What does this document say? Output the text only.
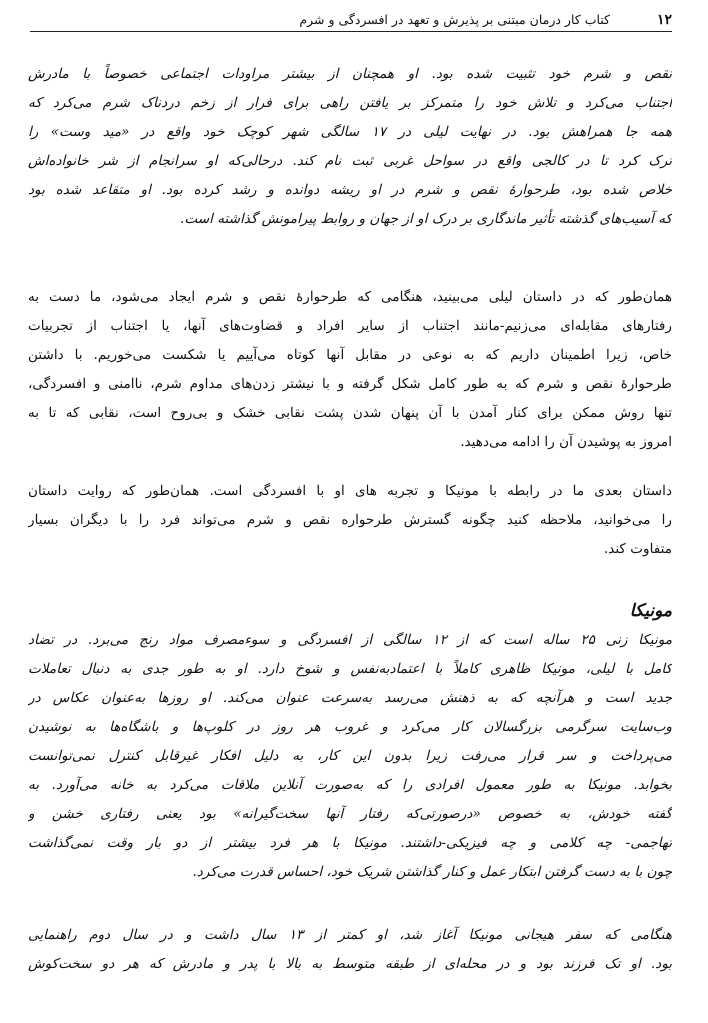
۱۲
کتاب کار درمان مبتنی بر پذیرش و تعهد در افسردگی و شرم
نقص و شرم خود تثبیت شده بود. او همچنان از بیشتر مراودات اجتماعی خصوصاً با مادرش
اجتناب می‌کرد و تلاش خود را متمرکز بر یافتن راهی برای فرار از زخم دردناک شرم می‌کرد که
همه جا همراهش بود. در نهایت لیلی در ۱۷ سالگی شهر کوچک خود واقع در «مید وست» را
ترک کرد تا در کالجی واقع در سواحل غربی ثبت نام کند. درحالی‌که او سرانجام از شر خانواده‌اش
خلاص شده بود، طرحوارهٔ نقص و شرم در او ریشه دوانده و رشد کرده بود. او متقاعد شده بود
که آسیب‌های گذشته تأثیر ماندگاری بر درک او از جهان و روابط پیرامونش گذاشته است.
همان‌طور که در داستان لیلی می‌بینید، هنگامی که طرحوارهٔ نقص و شرم ایجاد می‌شود، ما دست به
رفتارهای مقابله‌ای می‌زنیم-مانند اجتناب از سایر افراد و قضاوت‌های آنها، یا اجتناب از تجربیات
خاص، زیرا اطمینان داریم که به نوعی در مقابل آنها کوتاه می‌آییم یا شکست می‌خوریم. با داشتن
طرحوارهٔ نقص و شرم که به طور کامل شکل گرفته و با نیشتر زدن‌های مداوم شرم، ناامنی و افسردگی،
تنها روش ممکن برای کنار آمدن با آن پنهان شدن پشت نقابی خشک و بی‌روح است، نقابی که تا به
امروز به پوشیدن آن را ادامه می‌دهید.
داستان بعدی ما در رابطه با مونیکا و تجربه های او با افسردگی است. همان‌طور که روایت داستان
را می‌خوانید، ملاحظه کنید چگونه گسترش طرحواره نقص و شرم می‌تواند فرد را با دیگران بسیار
متفاوت کند.
مونیکا
مونیکا زنی ۲۵ ساله است که از ۱۲ سالگی از افسردگی و سوءمصرف مواد رنج می‌برد. در تضاد
کامل با لیلی، مونیکا ظاهری کاملاً با اعتمادبه‌نفس و شوخ دارد. او به طور جدی به دنبال تعاملات
جدید است و هرآنچه که به ذهنش می‌رسد به‌سرعت عنوان می‌کند. او روزها به‌عنوان عکاس در
وب‌سایت سرگرمی بزرگسالان کار می‌کرد و غروب هر روز در کلوپ‌ها و باشگاه‌ها به نوشیدن
می‌پرداخت و سر قرار می‌رفت زیرا بدون این کار، به دلیل افکار غیرقابل کنترل نمی‌توانست
بخوابد. مونیکا به طور معمول افرادی را که به‌صورت آنلاین ملاقات می‌کرد به خانه می‌آورد. به
گفته خودش، به خصوص «درصورتی‌که رفتار آنها سخت‌گیرانه» بود یعنی رفتاری خشن و
تهاجمی- چه کلامی و چه فیزیکی-داشتند. مونیکا با هر فرد بیشتر از دو بار وقت نمی‌گذاشت
چون با به دست گرفتن ابتکار عمل و کنار گذاشتن شریک خود، احساس قدرت می‌کرد.
هنگامی که سفر هیجانی مونیکا آغاز شد، او کمتر از ۱۳ سال داشت و در سال دوم راهنمایی
بود. او تک فرزند بود و در محله‌ای از طبقه متوسط به بالا با پدر و مادرش که هر دو سخت‌کوش
